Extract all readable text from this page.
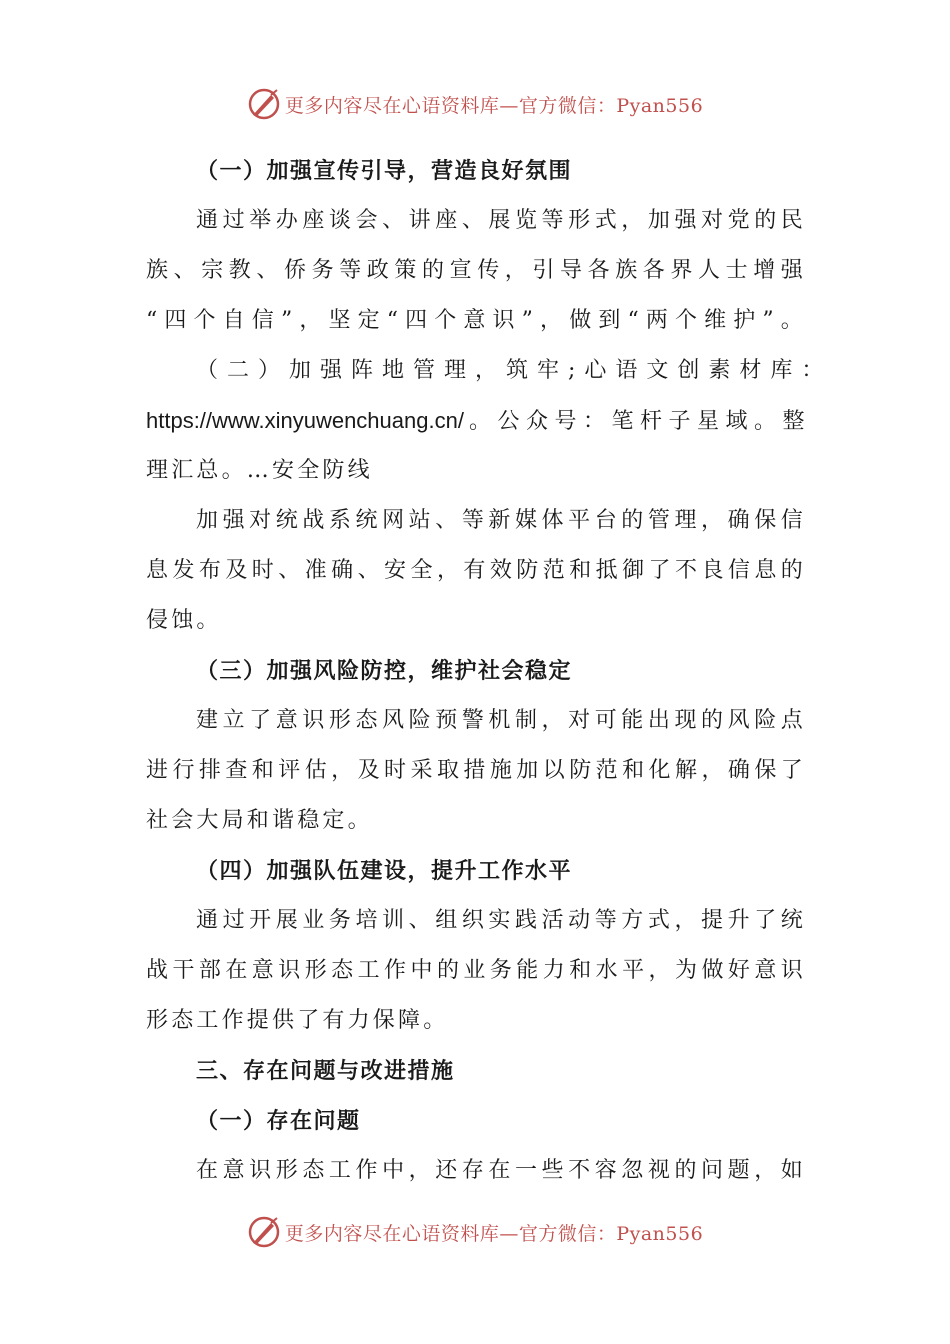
更多内容尽在心语资料库—官方微信：Pyan556
（一）加强宣传引导，营造良好氛围
通过举办座谈会、讲座、展览等形式，加强对党的民
族、宗教、侨务等政策的宣传，引导各族各界人士增强
“四个自信”，坚定“四个意识”，做到“两个维护”。
（二）加强阵地管理，筑牢;心语文创素材库：
https://www.xinyuwenchuang.cn/。公众号：笔杆子星域。整
理汇总。…安全防线
加强对统战系统网站、等新媒体平台的管理，确保信
息发布及时、准确、安全，有效防范和抵御了不良信息的
侵蚀。
（三）加强风险防控，维护社会稳定
建立了意识形态风险预警机制，对可能出现的风险点
进行排查和评估，及时采取措施加以防范和化解，确保了
社会大局和谐稳定。
（四）加强队伍建设，提升工作水平
通过开展业务培训、组织实践活动等方式，提升了统
战干部在意识形态工作中的业务能力和水平，为做好意识
形态工作提供了有力保障。
三、存在问题与改进措施
（一）存在问题
在意识形态工作中，还存在一些不容忽视的问题，如
更多内容尽在心语资料库—官方微信：Pyan556
